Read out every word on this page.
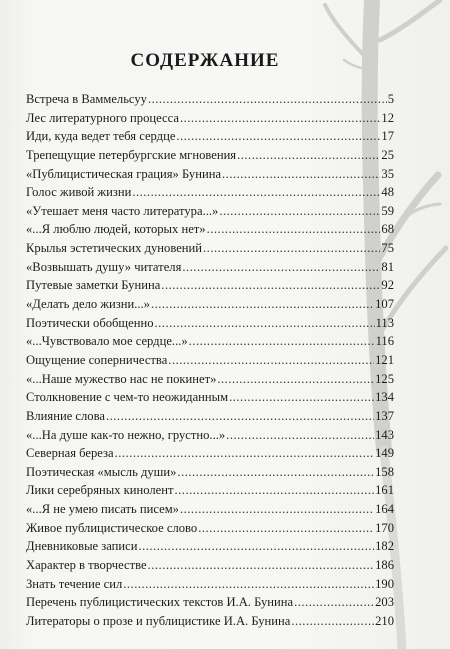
СОДЕРЖАНИЕ
Встреча в Ваммельсуу .....	5
Лес литературного процесса .....	12
Иди, куда ведет тебя сердце .....	17
Трепещущие петербургские мгновения .....	25
«Публицистическая грация» Бунина .....	35
Голос живой жизни .....	48
«Утешает меня часто литература...» .....	59
«...Я люблю людей, которых нет» .....	68
Крылья эстетических дуновений .....	75
«Возвышать душу» читателя .....	81
Путевые заметки Бунина .....	92
«Делать дело жизни...» .....	107
Поэтически обобщенно .....	113
«...Чувствовало мое сердце...» .....	116
Ощущение соперничества .....	121
«...Наше мужество нас не покинет» .....	125
Столкновение с чем-то неожиданным .....	134
Влияние слова .....	137
«...На душе как-то нежно, грустно...» .....	143
Северная береза .....	149
Поэтическая «мысль души» .....	158
Лики серебряных кинолент .....	161
«...Я не умею писать писем» .....	164
Живое публицистическое слово .....	170
Дневниковые записи .....	182
Характер в творчестве .....	186
Знать течение сил .....	190
Перечень публицистических текстов И.А. Бунина .....	203
Литераторы о прозе и публицистике И.А. Бунина .....	210
